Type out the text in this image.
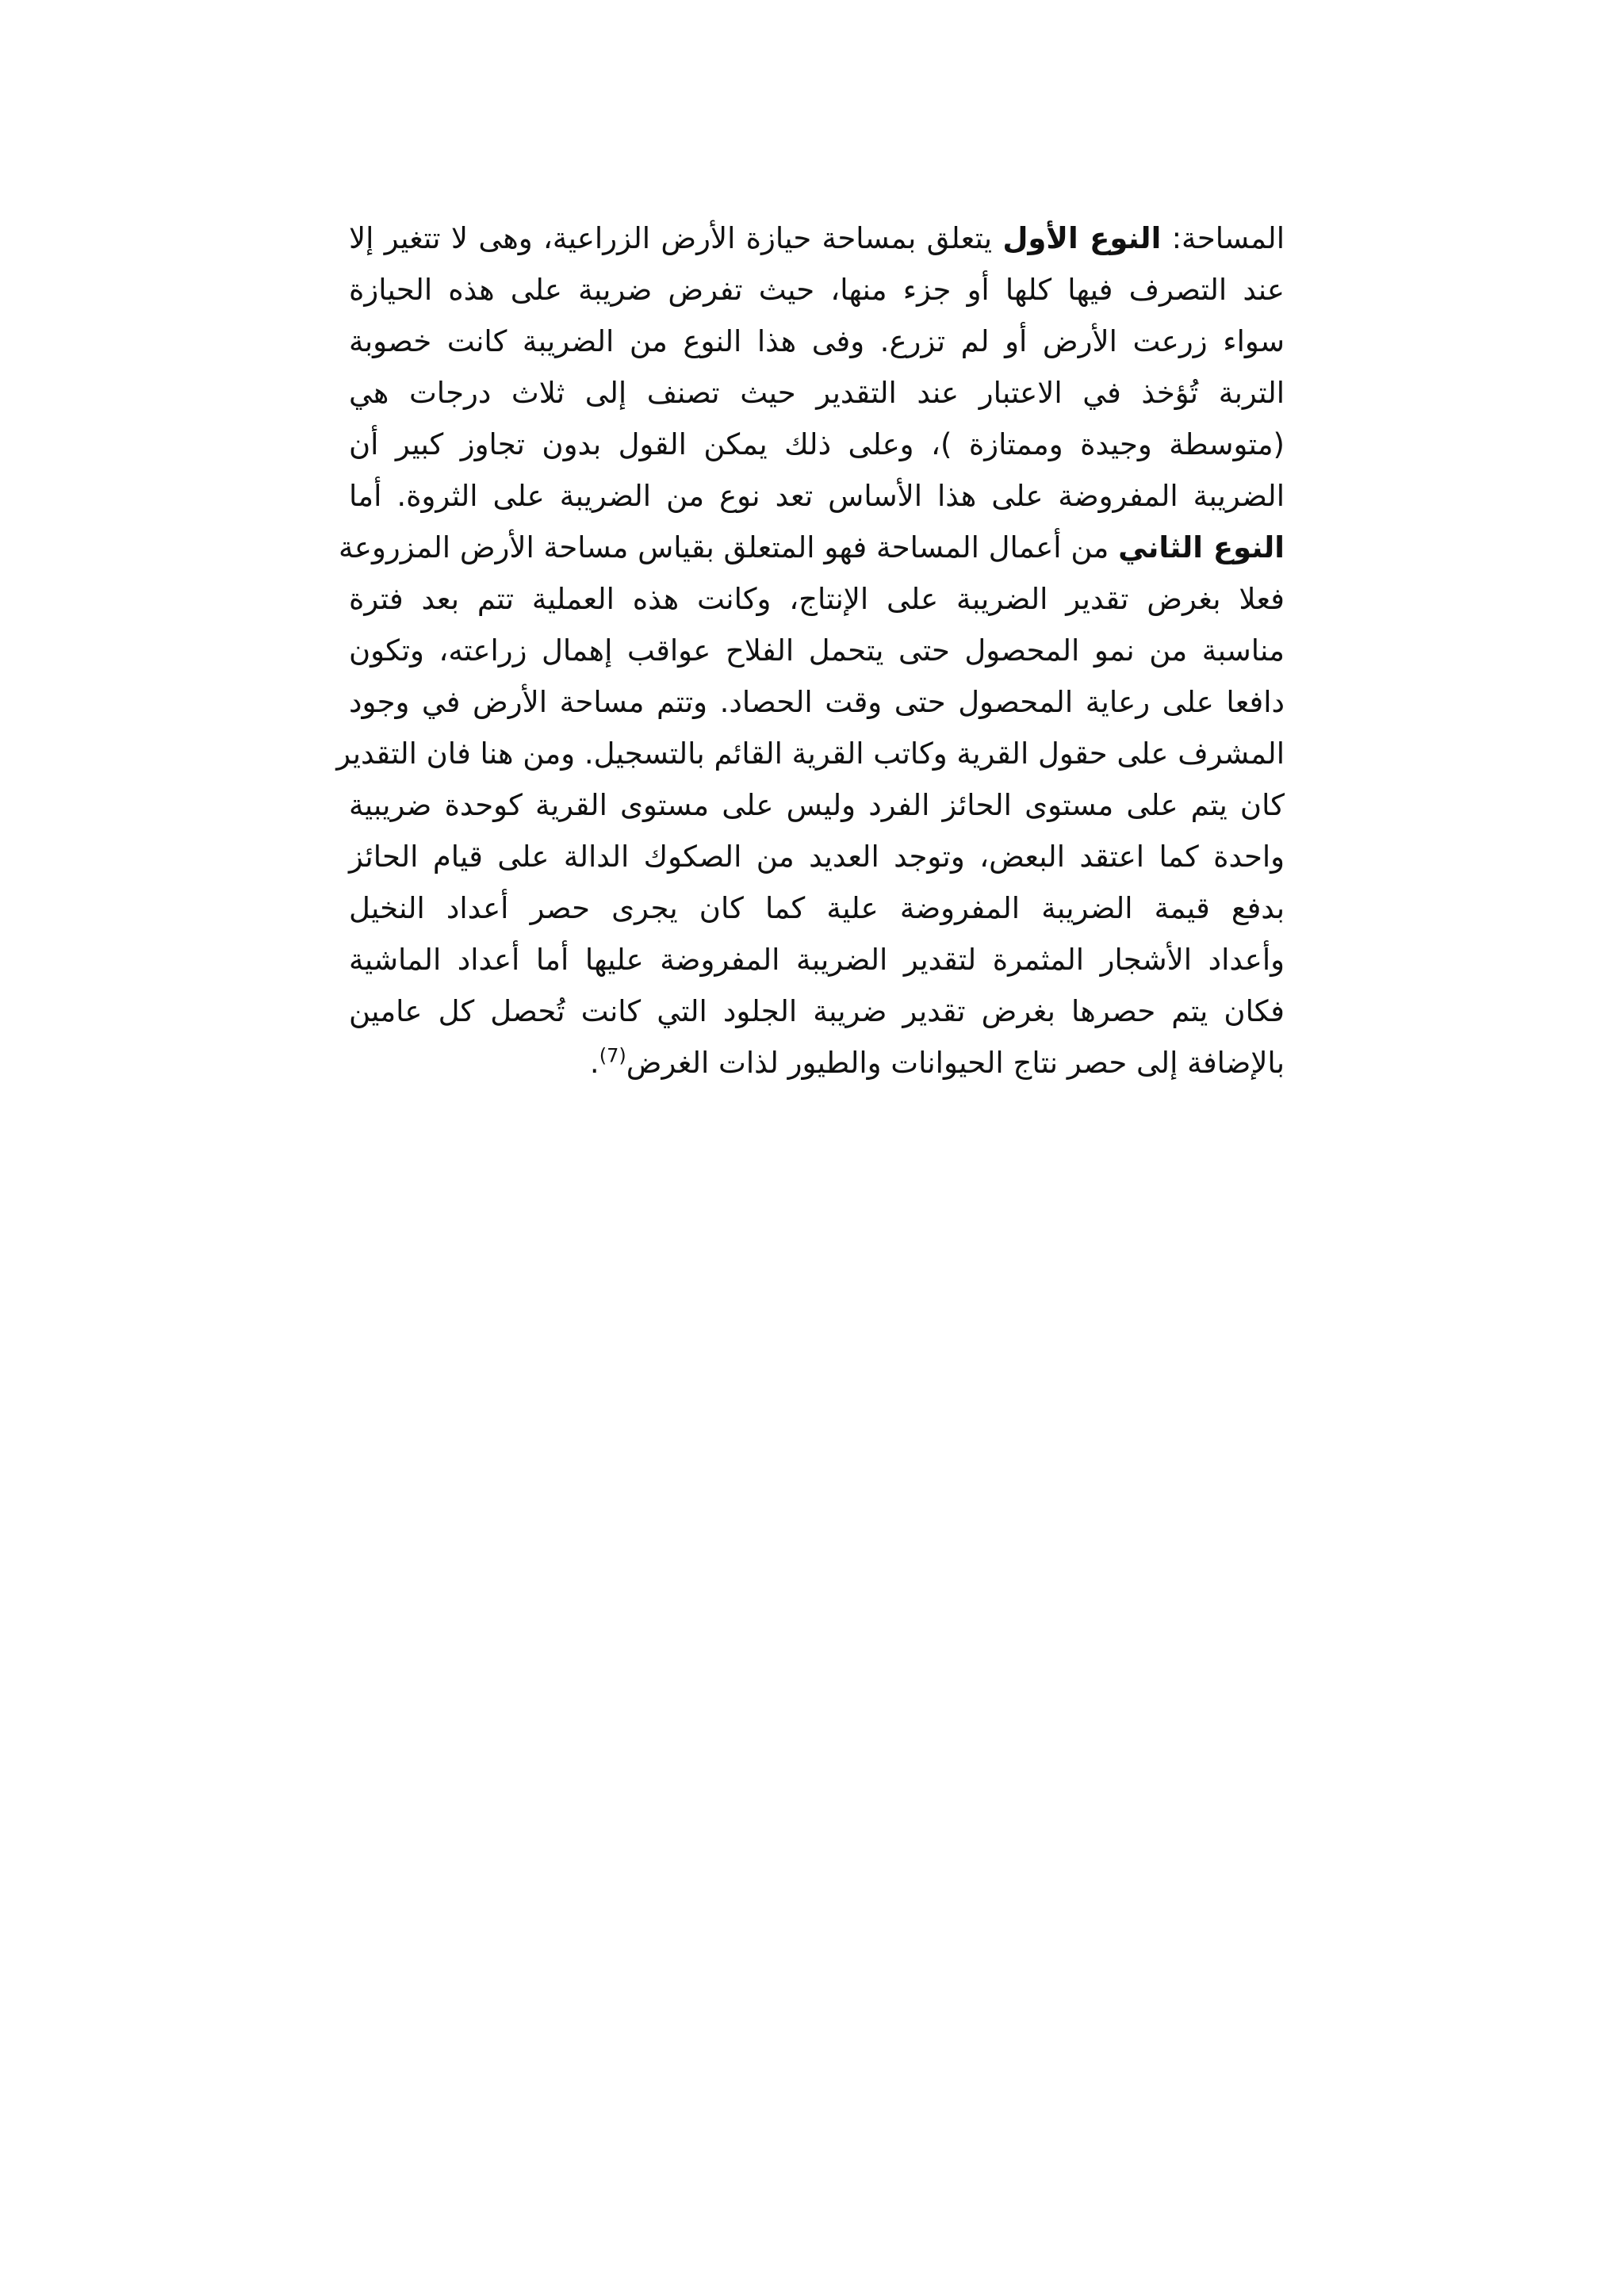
المساحة: النوع الأول يتعلق بمساحة حيازة الأرض الزراعية، وهى لا تتغير إلا
عند التصرف فيها كلها أو جزء منها، حيث تفرض ضريبة على هذه الحيازة
سواء زرعت الأرض أو لم تزرع. وفى هذا النوع من الضريبة كانت خصوبة
التربة تُؤخذ في الاعتبار عند التقدير حيث تصنف إلى ثلاث درجات هي
(متوسطة وجيدة وممتازة )، وعلى ذلك يمكن القول بدون تجاوز كبير أن
الضريبة المفروضة على هذا الأساس تعد نوع من الضريبة على الثروة. أما
النوع الثاني من أعمال المساحة فهو المتعلق بقياس مساحة الأرض المزروعة
فعلا بغرض تقدير الضريبة على الإنتاج، وكانت هذه العملية تتم بعد فترة
مناسبة من نمو المحصول حتى يتحمل الفلاح عواقب إهمال زراعته، وتكون
دافعا على رعاية المحصول حتى وقت الحصاد. وتتم مساحة الأرض في وجود
المشرف على حقول القرية وكاتب القرية القائم بالتسجيل. ومن هنا فان التقدير
كان يتم على مستوى الحائز الفرد وليس على مستوى القرية كوحدة ضريبية
واحدة كما اعتقد البعض، وتوجد العديد من الصكوك الدالة على قيام الحائز
بدفع قيمة الضريبة المفروضة علية كما كان يجرى حصر أعداد النخيل
وأعداد الأشجار المثمرة لتقدير الضريبة المفروضة عليها أما أعداد الماشية
فكان يتم حصرها بغرض تقدير ضريبة الجلود التي كانت تُحصل كل عامين
بالإضافة إلى حصر نتاج الحيوانات والطيور لذات الغرض$^{(7)}$.
